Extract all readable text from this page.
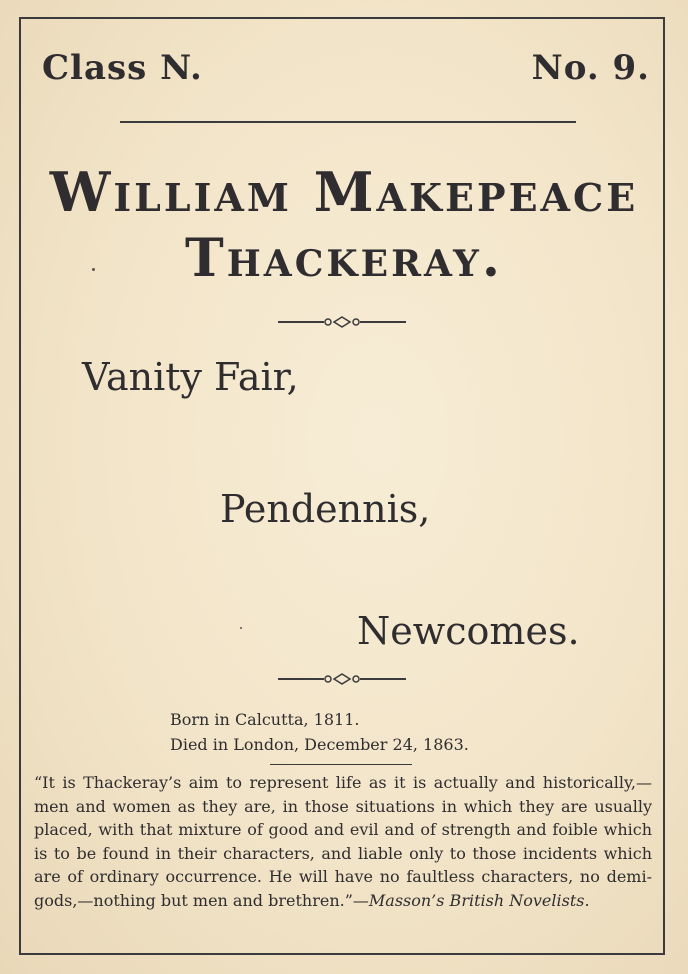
Class N.	No. 9.
William Makepeace
Thackeray.
Vanity Fair,
Pendennis,
Newcomes.
Born in Calcutta, 1811.
Died in London, December 24, 1863.
“It is Thackeray’s aim to represent life as it is actually and historically,—men and women as they are, in those situations in which they are usually placed, with that mixture of good and evil and of strength and foible which is to be found in their characters, and liable only to those incidents which are of ordinary occurrence. He will have no faultless characters, no demi-gods,—nothing but men and brethren.”—Masson’s British Novelists.
